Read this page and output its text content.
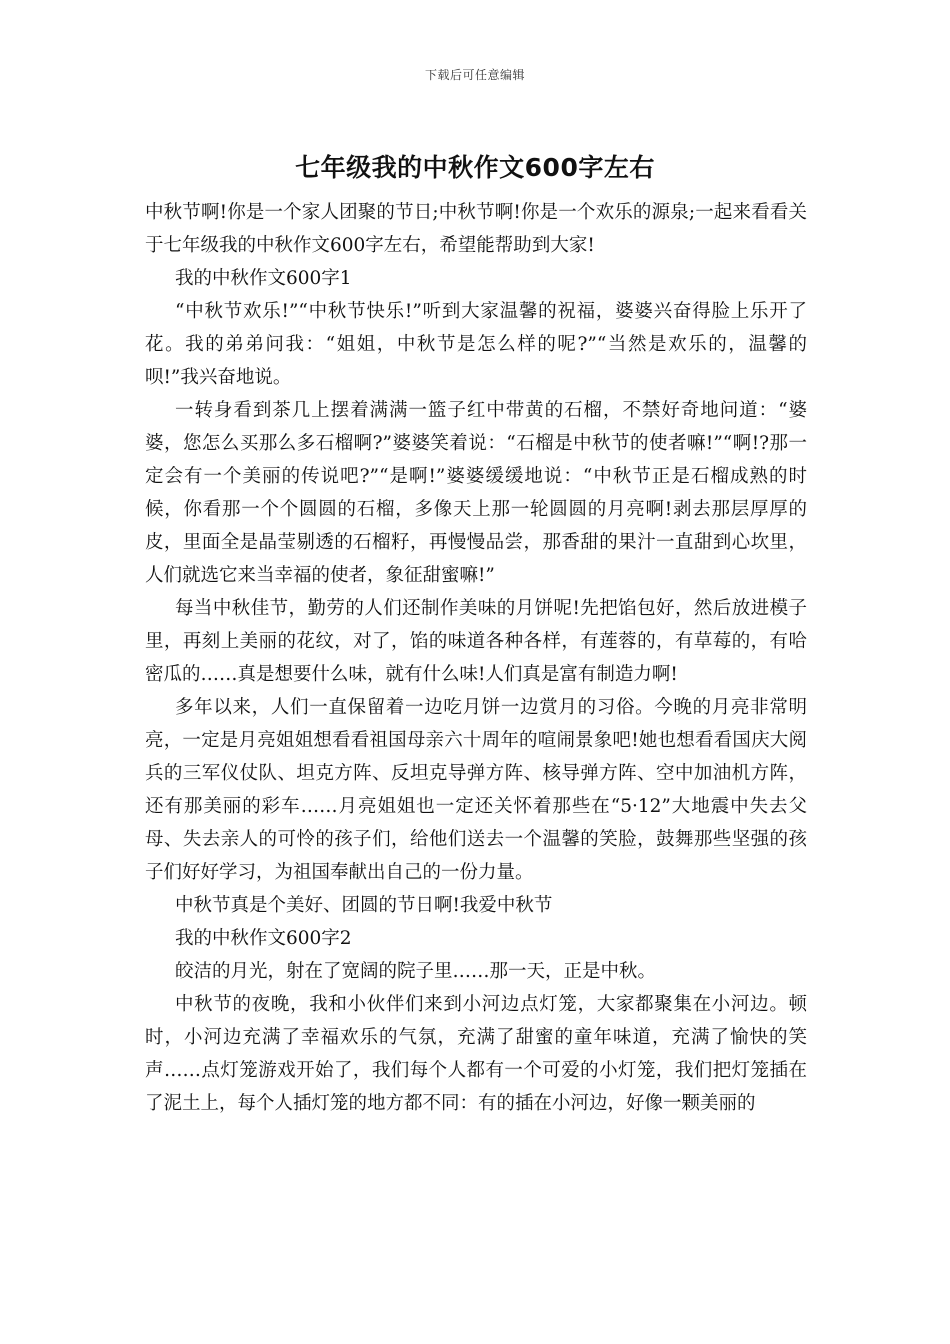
下载后可任意编辑
七年级我的中秋作文600字左右

中秋节啊!你是一个家人团聚的节日;中秋节啊!你是一个欢乐的源泉;一起来看看关于七年级我的中秋作文600字左右，希望能帮助到大家!

我的中秋作文600字1

“中秋节欢乐!”“中秋节快乐!”听到大家温馨的祝福，婆婆兴奋得脸上乐开了花。我的弟弟问我：“姐姐，中秋节是怎么样的呢?”“当然是欢乐的，温馨的呗!”我兴奋地说。

一转身看到茶几上摆着满满一篮子红中带黄的石榴，不禁好奇地问道：“婆婆，您怎么买那么多石榴啊?”婆婆笑着说：“石榴是中秋节的使者嘛!”“啊!?那一定会有一个美丽的传说吧?”“是啊!”婆婆缓缓地说：“中秋节正是石榴成熟的时候，你看那一个个圆圆的石榴，多像天上那一轮圆圆的月亮啊!剥去那层厚厚的皮，里面全是晶莹剔透的石榴籽，再慢慢品尝，那香甜的果汁一直甜到心坎里，人们就选它来当幸福的使者，象征甜蜜嘛!”

每当中秋佳节，勤劳的人们还制作美味的月饼呢!先把馅包好，然后放进模子里，再刻上美丽的花纹，对了，馅的味道各种各样，有莲蓉的，有草莓的，有哈密瓜的……真是想要什么味，就有什么味!人们真是富有制造力啊!

多年以来，人们一直保留着一边吃月饼一边赏月的习俗。今晚的月亮非常明亮，一定是月亮姐姐想看看祖国母亲六十周年的喧闹景象吧!她也想看看国庆大阅兵的三军仪仗队、坦克方阵、反坦克导弹方阵、核导弹方阵、空中加油机方阵，还有那美丽的彩车……月亮姐姐也一定还关怀着那些在“5·12”大地震中失去父母、失去亲人的可怜的孩子们，给他们送去一个温馨的笑脸，鼓舞那些坚强的孩子们好好学习，为祖国奉献出自己的一份力量。

中秋节真是个美好、团圆的节日啊!我爱中秋节

我的中秋作文600字2

皎洁的月光，射在了宽阔的院子里……那一天，正是中秋。

中秋节的夜晚，我和小伙伴们来到小河边点灯笼，大家都聚集在小河边。顿时，小河边充满了幸福欢乐的气氛，充满了甜蜜的童年味道，充满了愉快的笑声……点灯笼游戏开始了，我们每个人都有一个可爱的小灯笼，我们把灯笼插在了泥土上，每个人插灯笼的地方都不同：有的插在小河边，好像一颗美丽的
